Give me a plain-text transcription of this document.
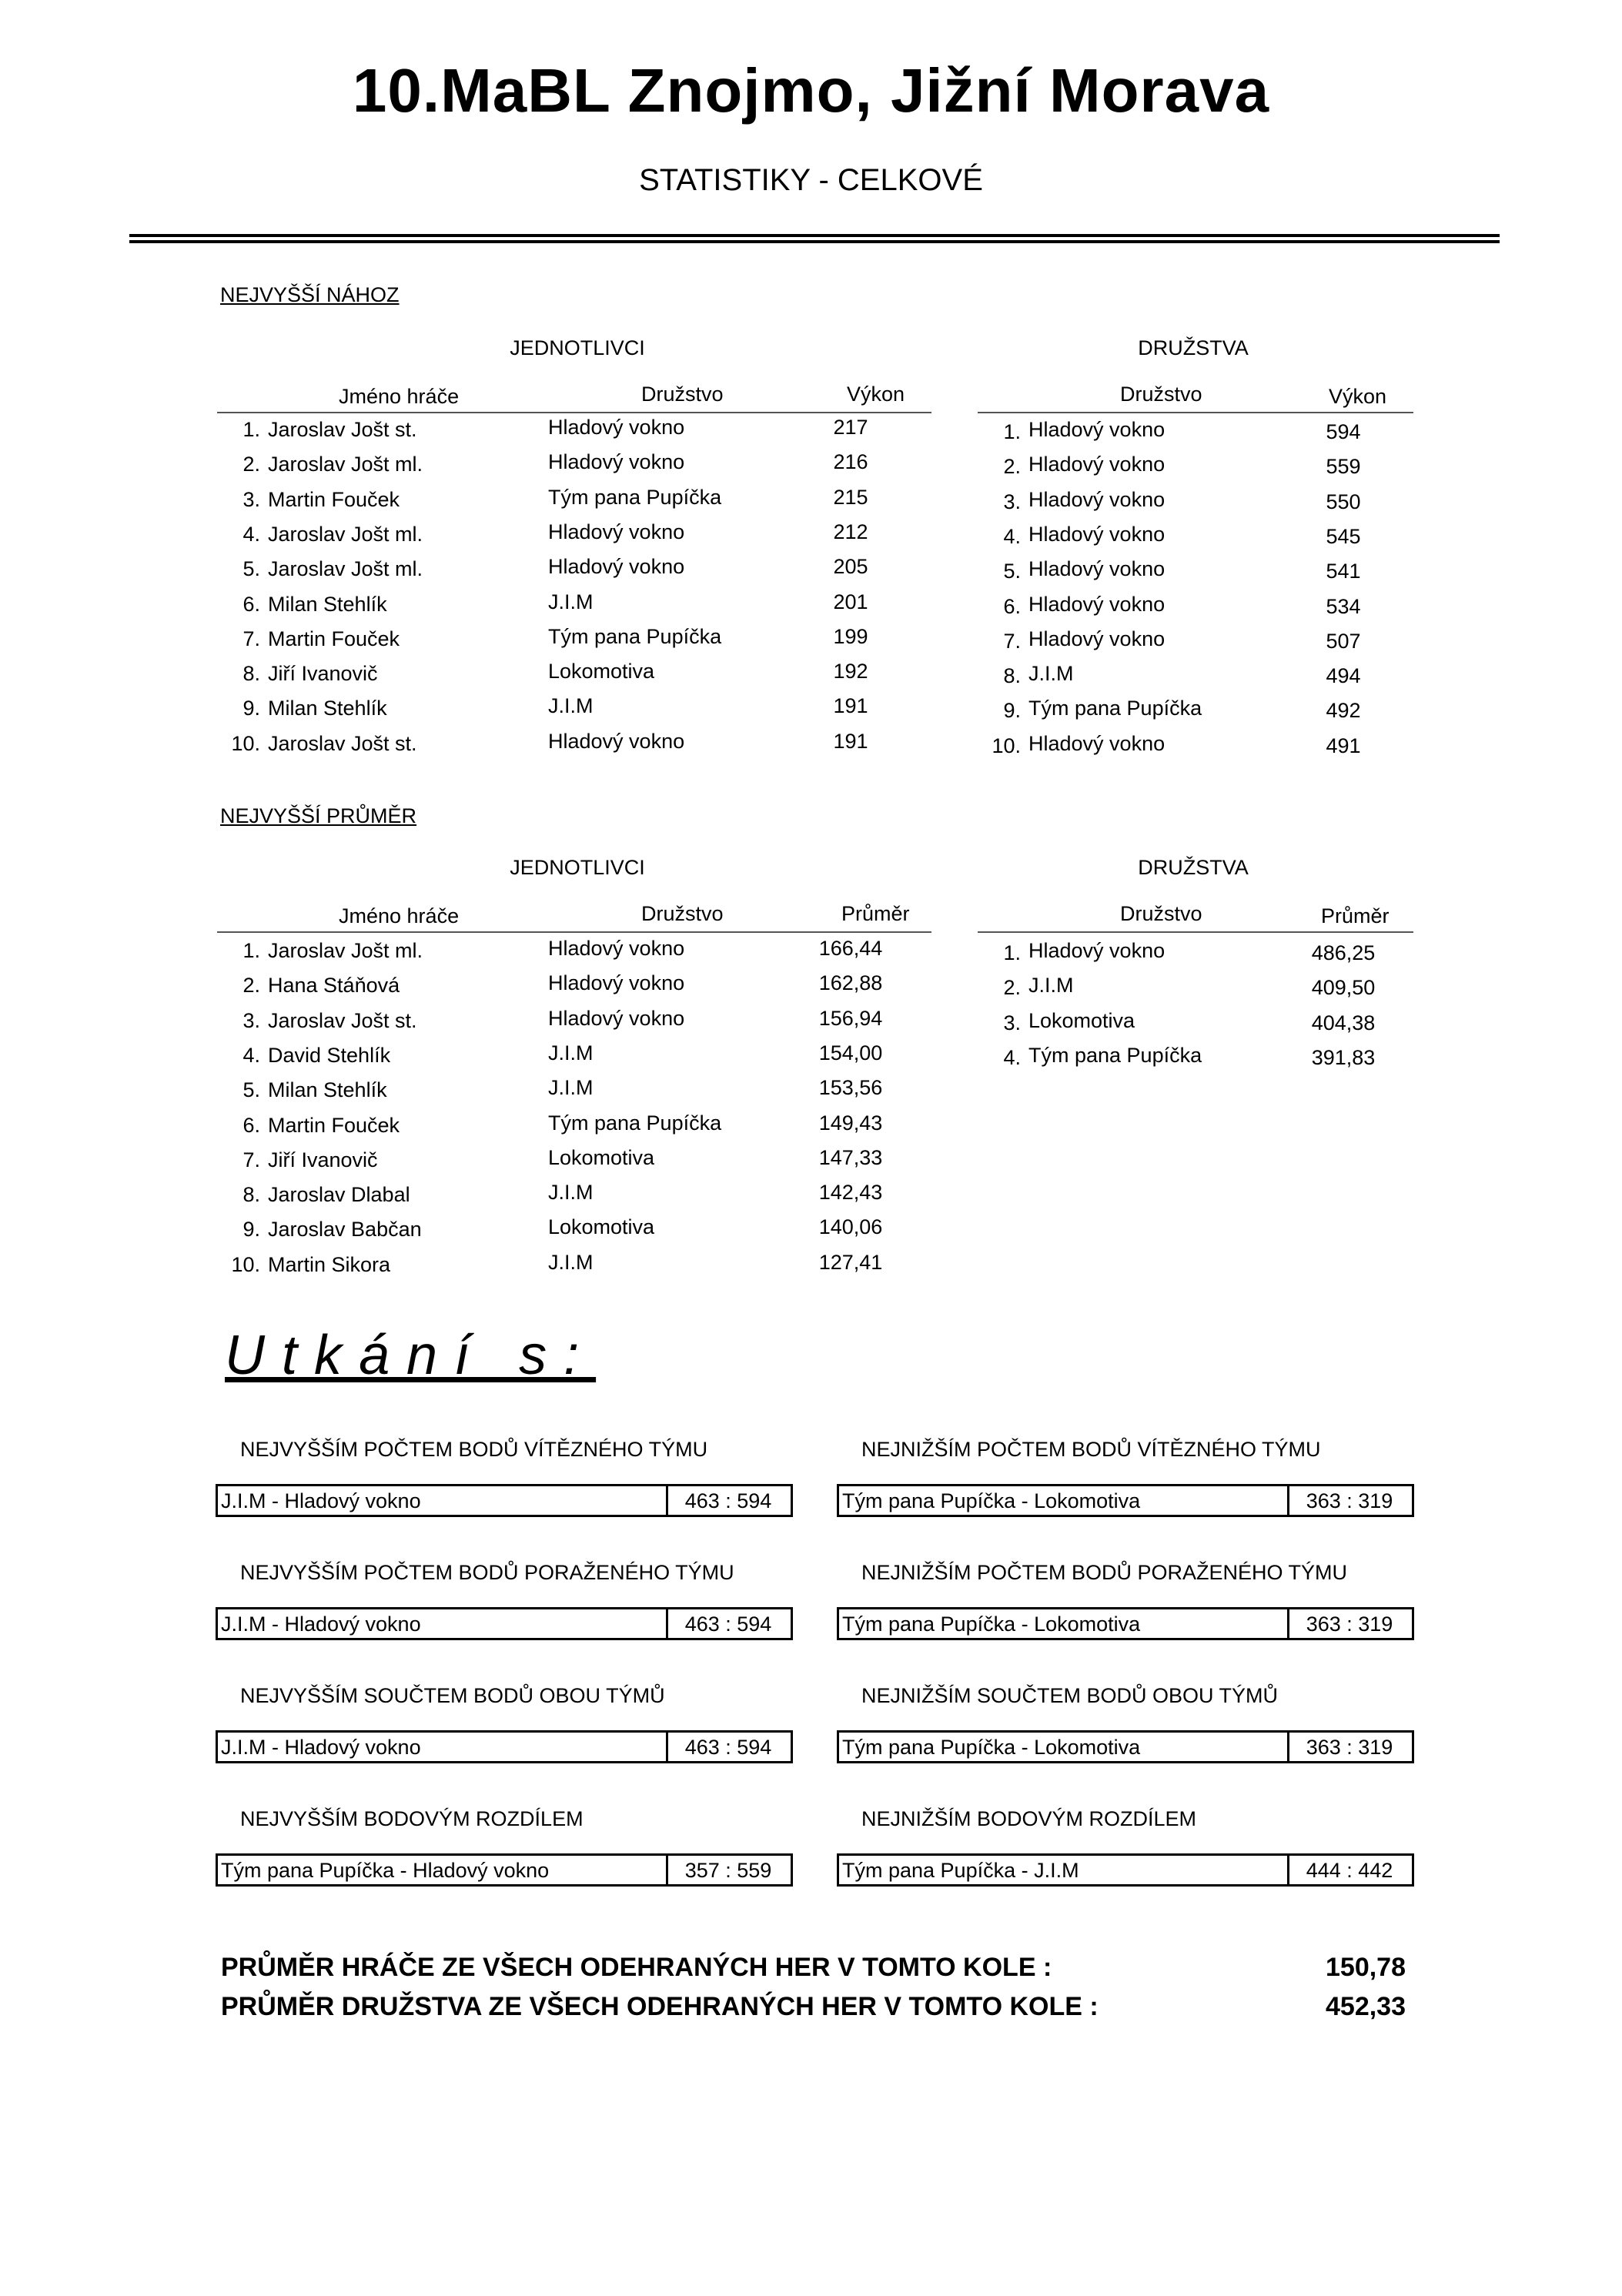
10.MaBL Znojmo, Jižní Morava
STATISTIKY - CELKOVÉ
NEJVYŠŠÍ NÁHOZ
JEDNOTLIVCI	DRUŽSTVA
Jméno hráče	Družstvo	Výkon	Družstvo	Výkon
1. Jaroslav Jošt st.	Hladový vokno	217
2. Jaroslav Jošt ml.	Hladový vokno	216
3. Martin Fouček	Tým pana Pupíčka	215
4. Jaroslav Jošt ml.	Hladový vokno	212
5. Jaroslav Jošt ml.	Hladový vokno	205
6. Milan Stehlík	J.I.M	201
7. Martin Fouček	Tým pana Pupíčka	199
8. Jiří Ivanovič	Lokomotiva	192
9. Milan Stehlík	J.I.M	191
10. Jaroslav Jošt st.	Hladový vokno	191
1. Hladový vokno	594
2. Hladový vokno	559
3. Hladový vokno	550
4. Hladový vokno	545
5. Hladový vokno	541
6. Hladový vokno	534
7. Hladový vokno	507
8. J.I.M	494
9. Tým pana Pupíčka	492
10. Hladový vokno	491
NEJVYŠŠÍ PRŮMĚR
JEDNOTLIVCI	DRUŽSTVA
Jméno hráče	Družstvo	Průměr	Družstvo	Průměr
1. Jaroslav Jošt ml.	Hladový vokno	166,44
2. Hana Stáňová	Hladový vokno	162,88
3. Jaroslav Jošt st.	Hladový vokno	156,94
4. David Stehlík	J.I.M	154,00
5. Milan Stehlík	J.I.M	153,56
6. Martin Fouček	Tým pana Pupíčka	149,43
7. Jiří Ivanovič	Lokomotiva	147,33
8. Jaroslav Dlabal	J.I.M	142,43
9. Jaroslav Babčan	Lokomotiva	140,06
10. Martin Sikora	J.I.M	127,41
1. Hladový vokno	486,25
2. J.I.M	409,50
3. Lokomotiva	404,38
4. Tým pana Pupíčka	391,83
Utkání s:
NEJVYŠŠÍM POČTEM BODŮ VÍTĚZNÉHO TÝMU
J.I.M - Hladový vokno	463 : 594
NEJNIŽŠÍM POČTEM BODŮ VÍTĚZNÉHO TÝMU
Tým pana Pupíčka - Lokomotiva	363 : 319
NEJVYŠŠÍM POČTEM BODŮ PORAŽENÉHO TÝMU
J.I.M - Hladový vokno	463 : 594
NEJNIŽŠÍM POČTEM BODŮ PORAŽENÉHO TÝMU
Tým pana Pupíčka - Lokomotiva	363 : 319
NEJVYŠŠÍM SOUČTEM BODŮ OBOU TÝMŮ
J.I.M - Hladový vokno	463 : 594
NEJNIŽŠÍM SOUČTEM BODŮ OBOU TÝMŮ
Tým pana Pupíčka - Lokomotiva	363 : 319
NEJVYŠŠÍM BODOVÝM ROZDÍLEM
Tým pana Pupíčka - Hladový vokno	357 : 559
NEJNIŽŠÍM BODOVÝM ROZDÍLEM
Tým pana Pupíčka - J.I.M	444 : 442
PRŮMĚR HRÁČE ZE VŠECH ODEHRANÝCH HER V TOMTO KOLE :	150,78
PRŮMĚR DRUŽSTVA ZE VŠECH ODEHRANÝCH HER V TOMTO KOLE :	452,33
